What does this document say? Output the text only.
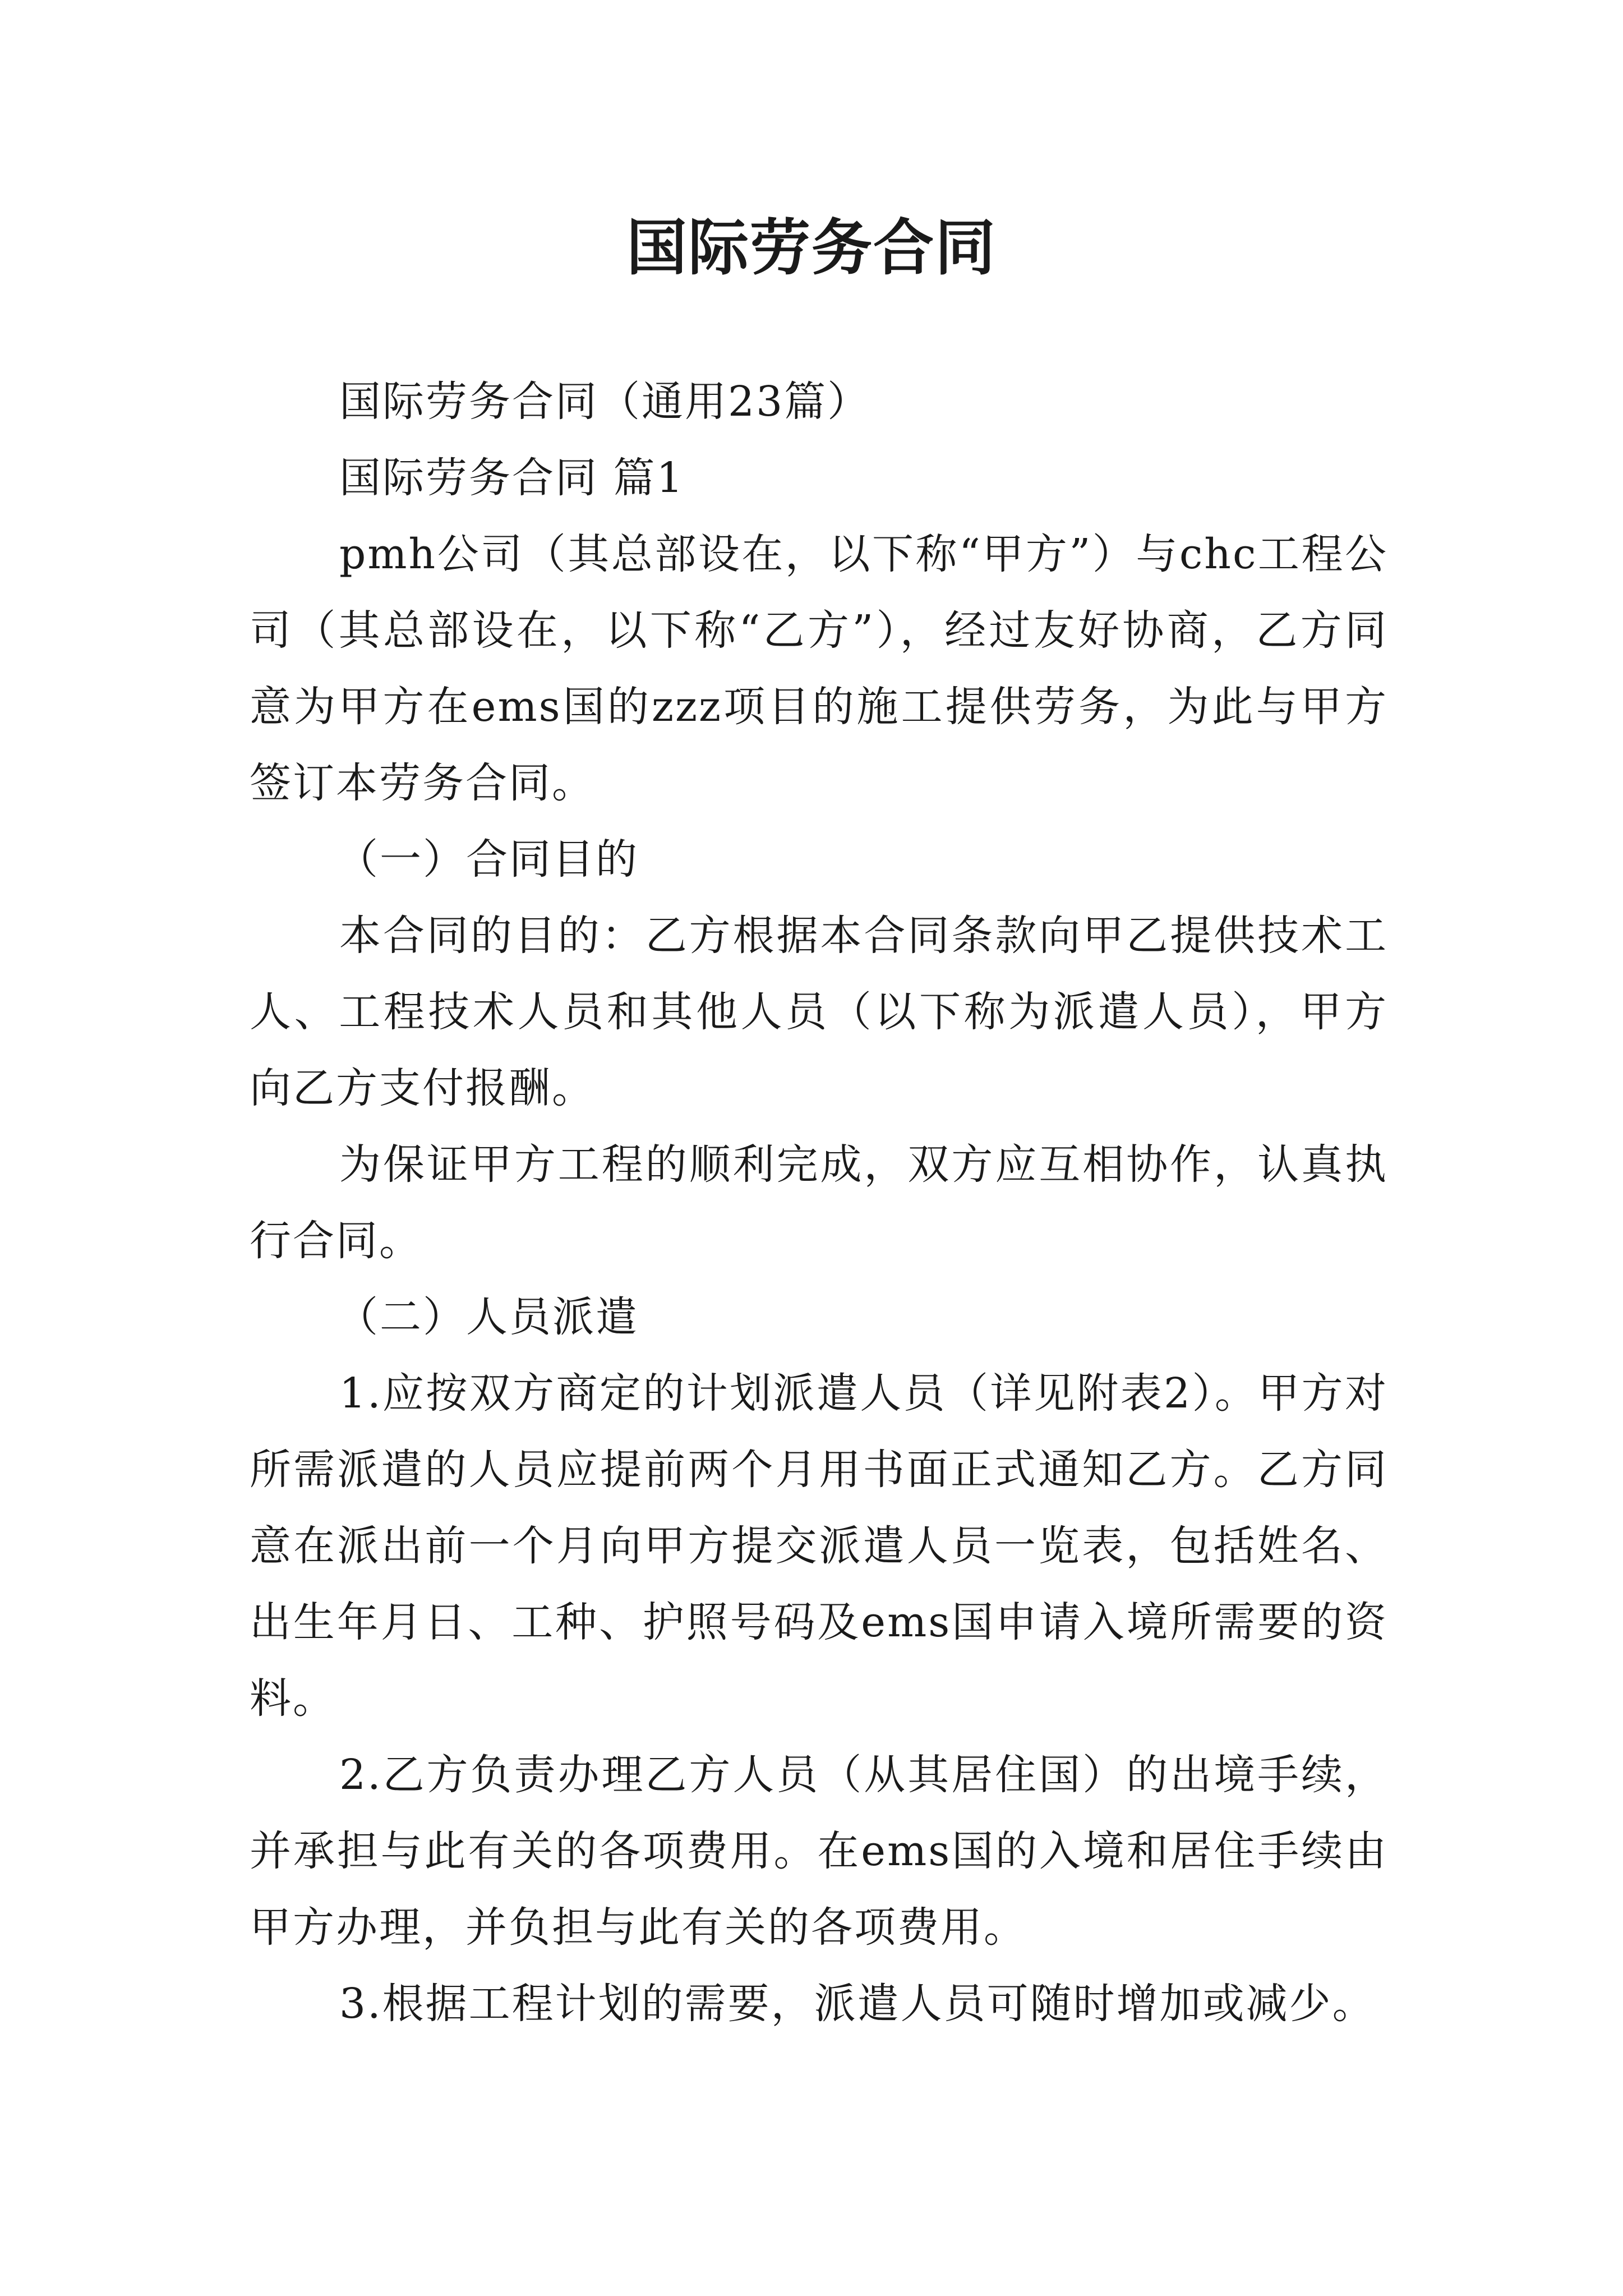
国际劳务合同

国际劳务合同（通用23篇）

国际劳务合同 篇1

pmh公司（其总部设在，以下称“甲方”）与chc工程公司（其总部设在，以下称“乙方”），经过友好协商，乙方同意为甲方在ems国的zzz项目的施工提供劳务，为此与甲方签订本劳务合同。

（一）合同目的

本合同的目的：乙方根据本合同条款向甲乙提供技术工人、工程技术人员和其他人员（以下称为派遣人员），甲方向乙方支付报酬。

为保证甲方工程的顺利完成，双方应互相协作，认真执行合同。

（二）人员派遣

1.应按双方商定的计划派遣人员（详见附表2）。甲方对所需派遣的人员应提前两个月用书面正式通知乙方。乙方同意在派出前一个月向甲方提交派遣人员一览表，包括姓名、出生年月日、工种、护照号码及ems国申请入境所需要的资料。

2.乙方负责办理乙方人员（从其居住国）的出境手续，并承担与此有关的各项费用。在ems国的入境和居住手续由甲方办理，并负担与此有关的各项费用。

3.根据工程计划的需要，派遣人员可随时增加或减少。
